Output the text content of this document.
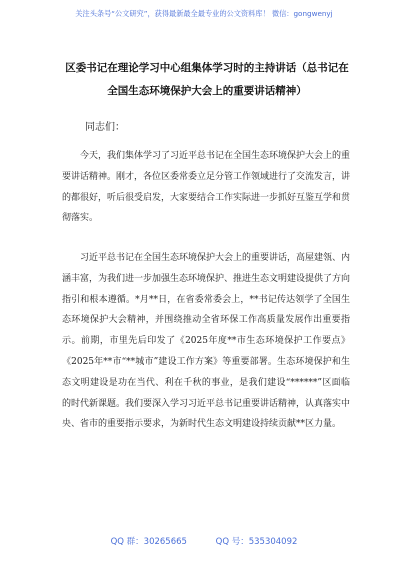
关注头条号“公文研究”，获得最新最全最专业的公文资料库！ 微信：gongwenyj
区委书记在理论学习中心组集体学习时的主持讲话（总书记在全国生态环境保护大会上的重要讲话精神）
同志们：

今天，我们集体学习了习近平总书记在全国生态环境保护大会上的重要讲话精神。刚才，各位区委常委立足分管工作领域进行了交流发言，讲的都很好，听后很受启发，大家要结合工作实际进一步抓好互鉴互学和贯彻落实。

习近平总书记在全国生态环境保护大会上的重要讲话，高屋建瓴、内涵丰富，为我们进一步加强生态环境保护、推进生态文明建设提供了方向指引和根本遵循。*月**日，在省委常委会上，**书记传达领学了全国生态环境保护大会精神，并围绕推动全省环保工作高质量发展作出重要指示。前期，市里先后印发了《2025年度**市生态环境保护工作要点》《2025年**市“**城市”建设工作方案》等重要部署。生态环境保护和生态文明建设是功在当代、利在千秋的事业，是我们建设“******”区面临的时代新课题。我们要深入学习习近平总书记重要讲话精神，认真落实中央、省市的重要指示要求，为新时代生态文明建设持续贡献**区力量。

QQ 群：30265665	QQ 号：535304092
